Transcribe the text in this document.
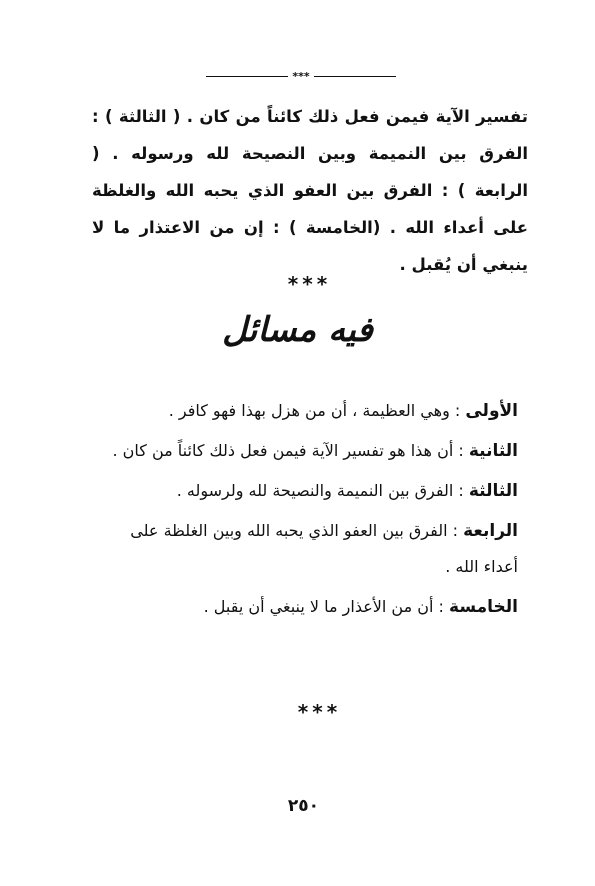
***

تفسير الآية فيمن فعل ذلك كائناً من كان . ( الثالثة ) : الفرق بين النميمة وبين النصيحة لله ورسوله . ( الرابعة ) : الفرق بين العفو الذي يحبه الله والغلظة على أعداء الله . (الخامسة ) : إن من الاعتذار ما لا ينبغي أن يُقبل .

***
فيه مسائل

الأولى : وهي العظيمة ، أن من هزل بهذا فهو كافر .

الثانية : أن هذا هو تفسير الآية فيمن فعل ذلك كائناً من كان .

الثالثة : الفرق بين النميمة والنصيحة لله ولرسوله .

الرابعة : الفرق بين العفو الذي يحبه الله وبين الغلظة على أعداء الله .

الخامسة : أن من الأعذار ما لا ينبغي أن يقبل .

***
٢٥٠
